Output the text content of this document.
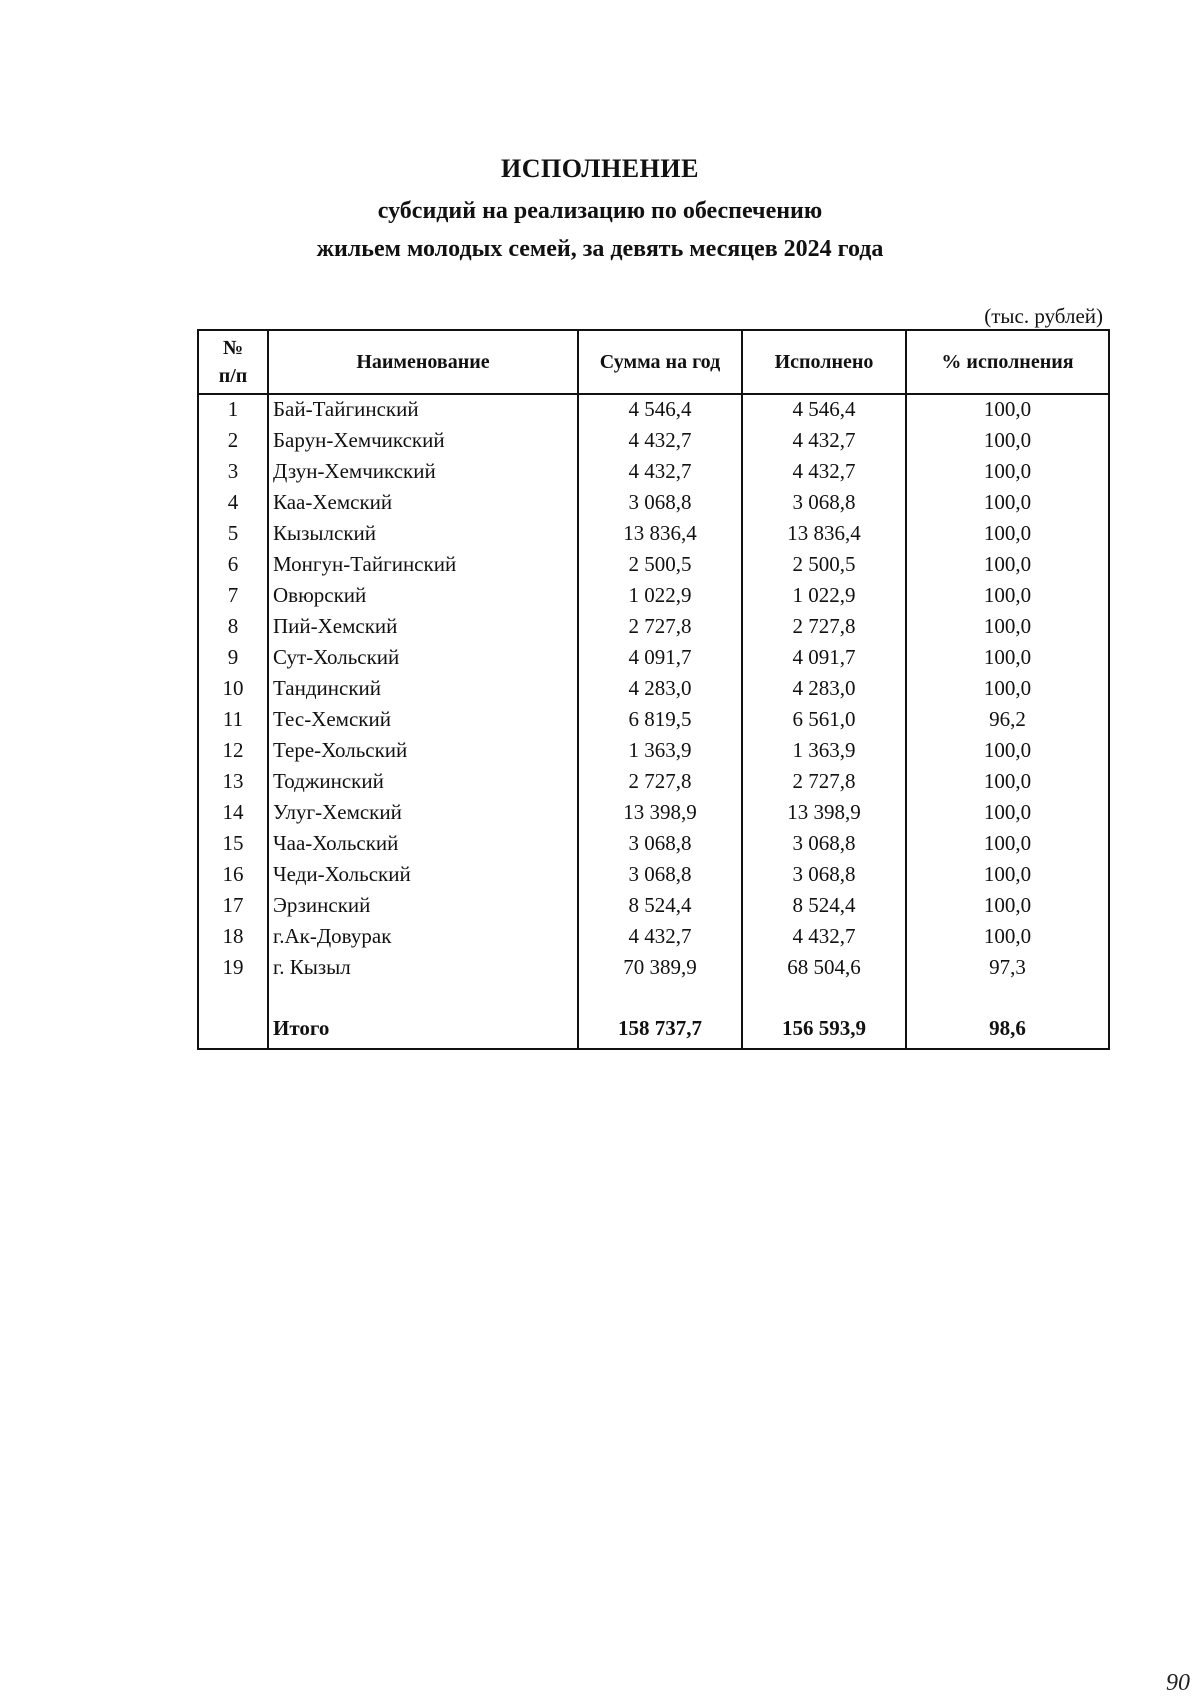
ИСПОЛНЕНИЕ
субсидий на реализацию по обеспечению
жильем молодых семей, за девять месяцев 2024 года
(тыс. рублей)
№
п/п	Наименование	Сумма на год	Исполнено	% исполнения
1	Бай-Тайгинский	4 546,4	4 546,4	100,0
2	Барун-Хемчикский	4 432,7	4 432,7	100,0
3	Дзун-Хемчикский	4 432,7	4 432,7	100,0
4	Каа-Хемский	3 068,8	3 068,8	100,0
5	Кызылский	13 836,4	13 836,4	100,0
6	Монгун-Тайгинский	2 500,5	2 500,5	100,0
7	Овюрский	1 022,9	1 022,9	100,0
8	Пий-Хемский	2 727,8	2 727,8	100,0
9	Сут-Хольский	4 091,7	4 091,7	100,0
10	Тандинский	4 283,0	4 283,0	100,0
11	Тес-Хемский	6 819,5	6 561,0	96,2
12	Тере-Хольский	1 363,9	1 363,9	100,0
13	Тоджинский	2 727,8	2 727,8	100,0
14	Улуг-Хемский	13 398,9	13 398,9	100,0
15	Чаа-Хольский	3 068,8	3 068,8	100,0
16	Чеди-Хольский	3 068,8	3 068,8	100,0
17	Эрзинский	8 524,4	8 524,4	100,0
18	г.Ак-Довурак	4 432,7	4 432,7	100,0
19	г. Кызыл	70 389,9	68 504,6	97,3

	Итого	158 737,7	156 593,9	98,6
90
